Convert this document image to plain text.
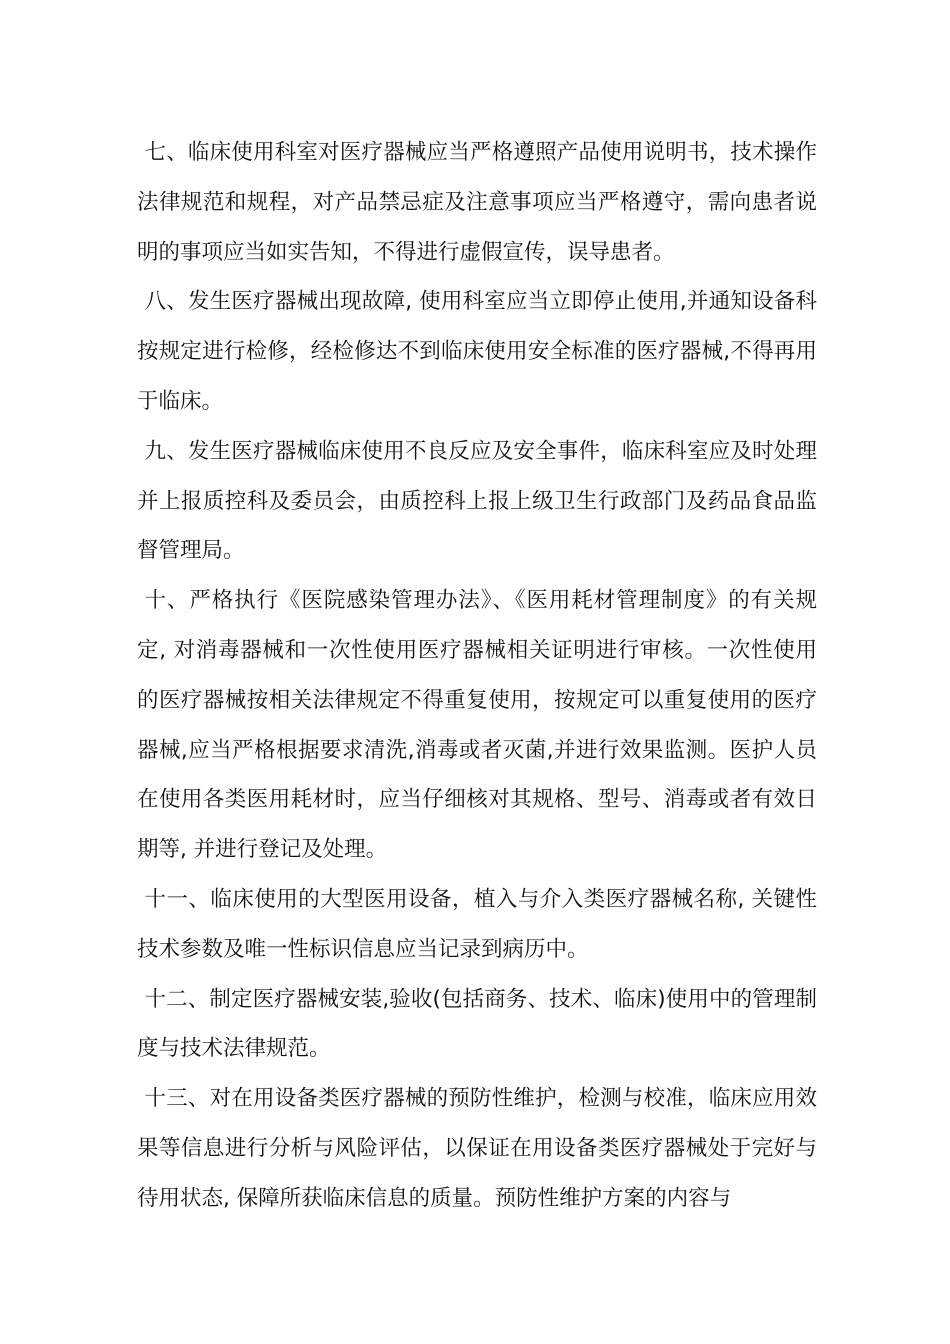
七、临床使用科室对医疗器械应当严格遵照产品使用说明书，技术操作法律规范和规程，对产品禁忌症及注意事项应当严格遵守，需向患者说明的事项应当如实告知，不得进行虚假宣传，误导患者。

八、发生医疗器械出现故障, 使用科室应当立即停止使用,并通知设备科按规定进行检修，经检修达不到临床使用安全标准的医疗器械,不得再用于临床。

九、发生医疗器械临床使用不良反应及安全事件，临床科室应及时处理并上报质控科及委员会，由质控科上报上级卫生行政部门及药品食品监督管理局。

十、严格执行《医院感染管理办法》、《医用耗材管理制度》的有关规定, 对消毒器械和一次性使用医疗器械相关证明进行审核。一次性使用的医疗器械按相关法律规定不得重复使用，按规定可以重复使用的医疗器械,应当严格根据要求清洗,消毒或者灭菌,并进行效果监测。医护人员在使用各类医用耗材时，应当仔细核对其规格、型号、消毒或者有效日期等, 并进行登记及处理。

十一、临床使用的大型医用设备，植入与介入类医疗器械名称, 关键性技术参数及唯一性标识信息应当记录到病历中。

十二、制定医疗器械安装,验收(包括商务、技术、临床)使用中的管理制度与技术法律规范。

十三、对在用设备类医疗器械的预防性维护，检测与校准，临床应用效果等信息进行分析与风险评估，以保证在用设备类医疗器械处于完好与待用状态, 保障所获临床信息的质量。预防性维护方案的内容与
